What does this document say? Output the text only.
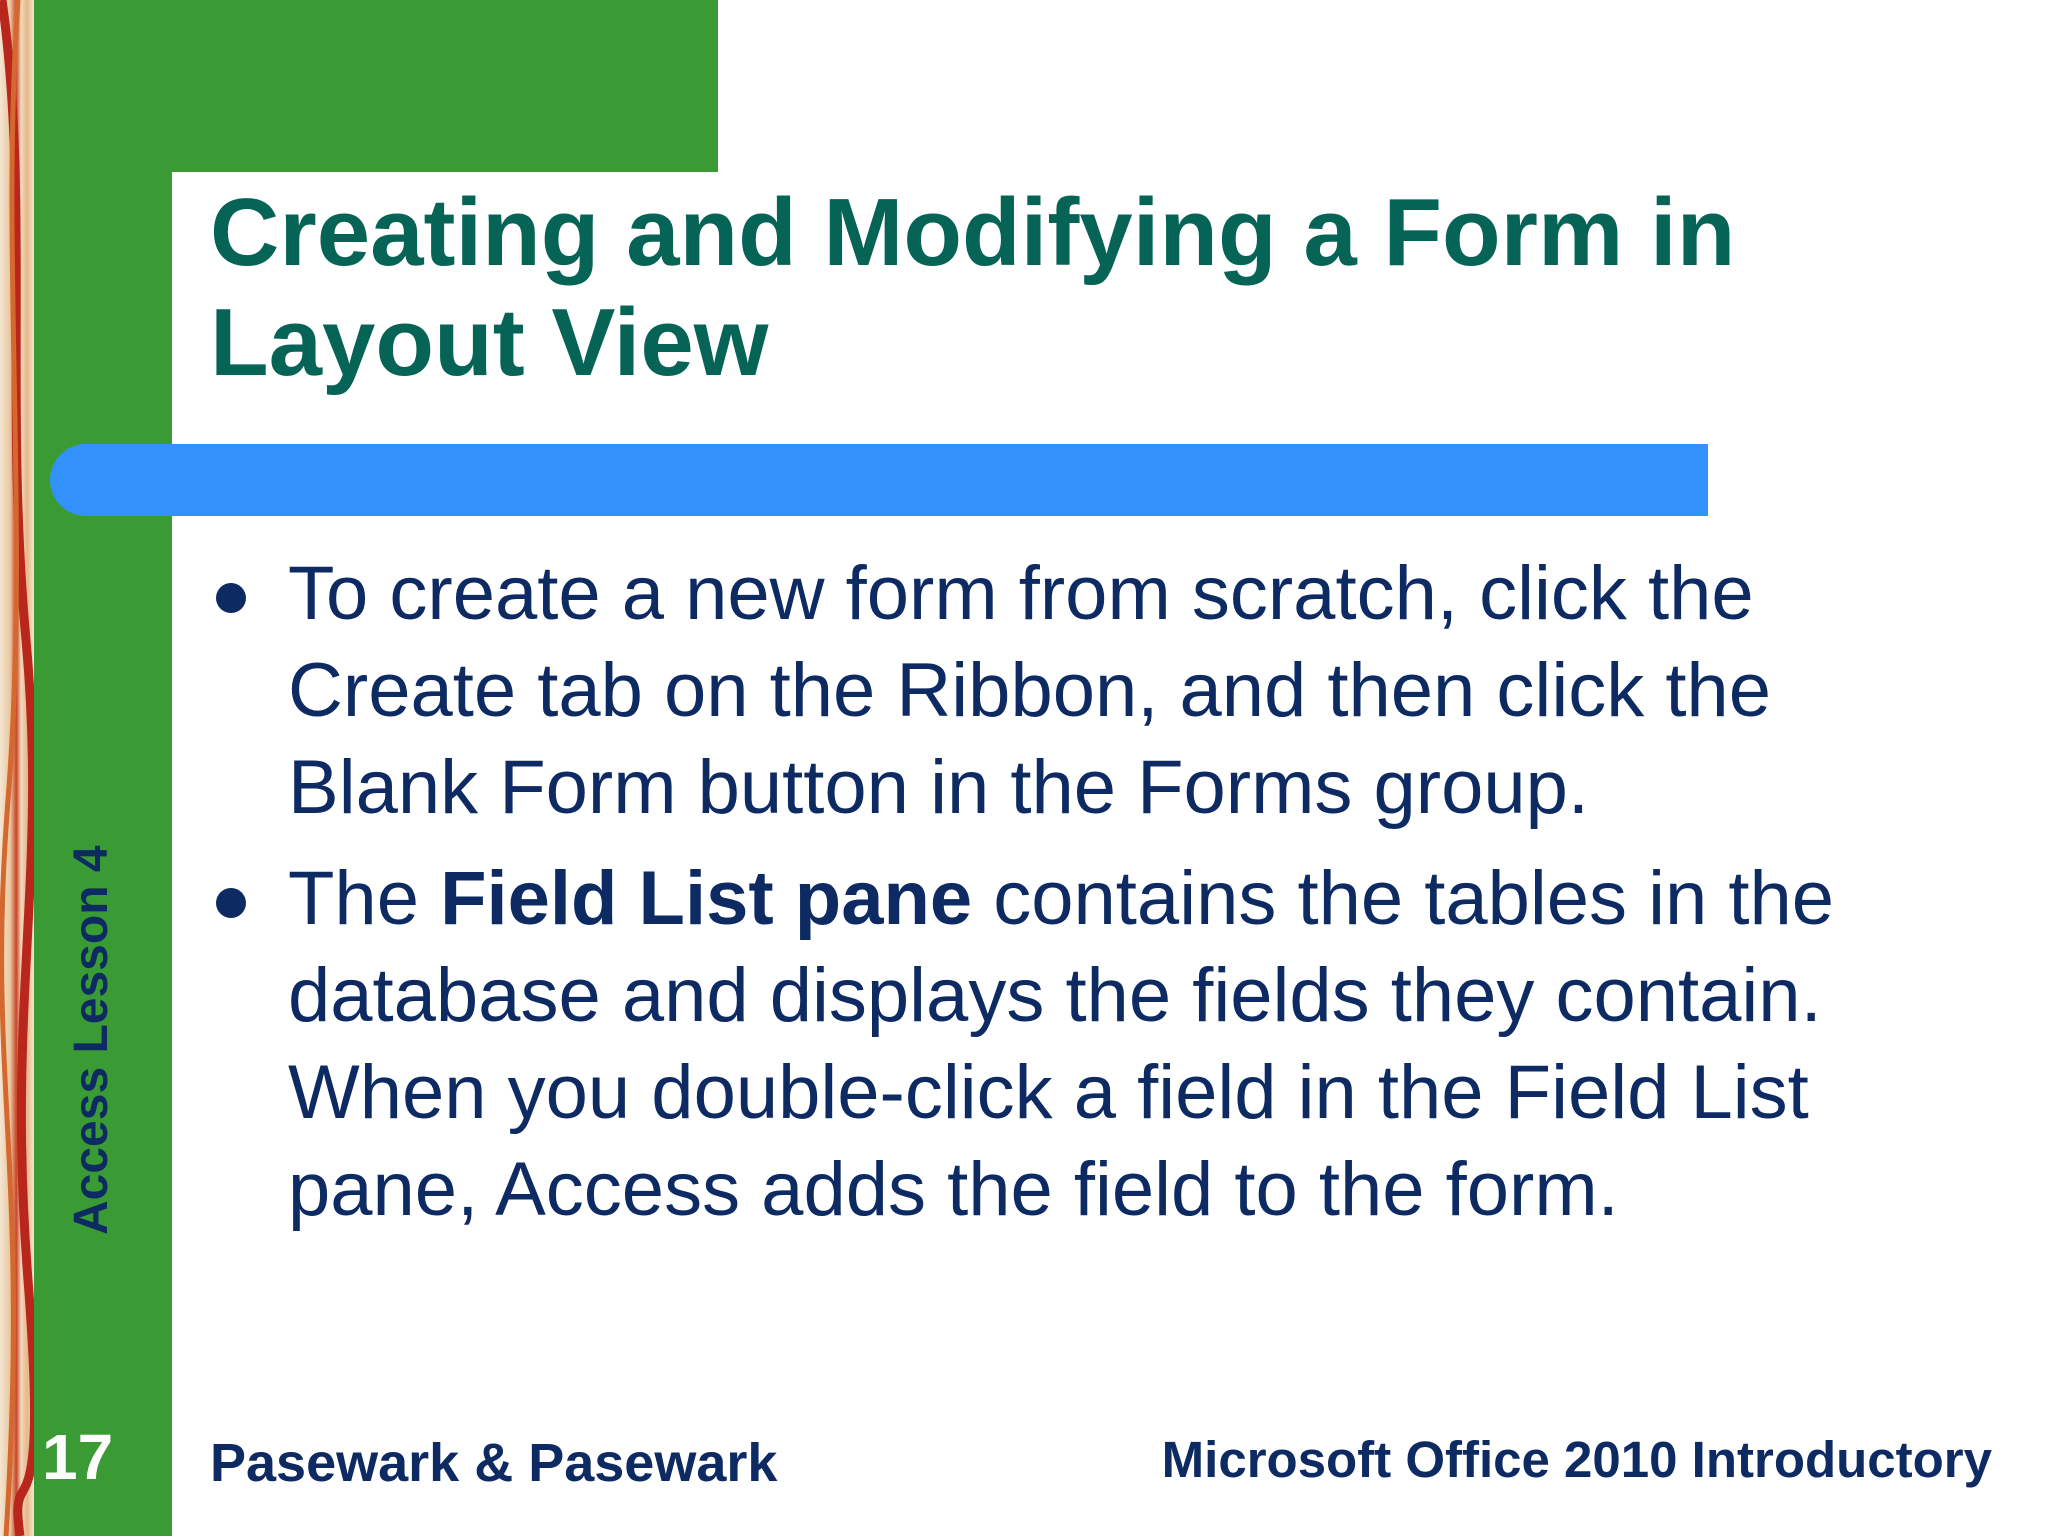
Creating and Modifying a Form in Layout View
To create a new form from scratch, click the Create tab on the Ribbon, and then click the Blank Form button in the Forms group.
The Field List pane contains the tables in the database and displays the fields they contain. When you double-click a field in the Field List pane, Access adds the field to the form.
Access Lesson 4
17 Pasewark & Pasewark	Microsoft Office 2010 Introductory
